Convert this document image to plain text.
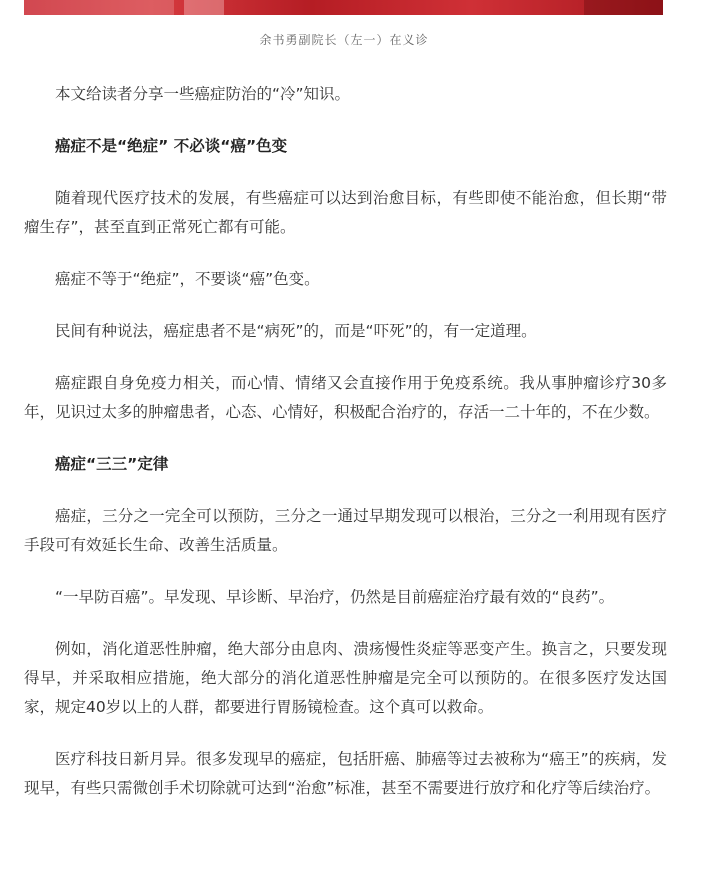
余书勇副院长（左一）在义诊

本文给读者分享一些癌症防治的“冷”知识。

癌症不是“绝症” 不必谈“癌”色变

随着现代医疗技术的发展，有些癌症可以达到治愈目标，有些即使不能治愈，但长期“带瘤生存”，甚至直到正常死亡都有可能。

癌症不等于“绝症”，不要谈“癌”色变。

民间有种说法，癌症患者不是“病死”的，而是“吓死”的，有一定道理。

癌症跟自身免疫力相关，而心情、情绪又会直接作用于免疫系统。我从事肿瘤诊疗30多年，见识过太多的肿瘤患者，心态、心情好，积极配合治疗的，存活一二十年的，不在少数。

癌症“三三”定律

癌症，三分之一完全可以预防，三分之一通过早期发现可以根治，三分之一利用现有医疗手段可有效延长生命、改善生活质量。

“一早防百癌”。早发现、早诊断、早治疗，仍然是目前癌症治疗最有效的“良药”。

例如，消化道恶性肿瘤，绝大部分由息肉、溃疡慢性炎症等恶变产生。换言之，只要发现得早，并采取相应措施，绝大部分的消化道恶性肿瘤是完全可以预防的。在很多医疗发达国家，规定40岁以上的人群，都要进行胃肠镜检查。这个真可以救命。

医疗科技日新月异。很多发现早的癌症，包括肝癌、肺癌等过去被称为“癌王”的疾病，发现早，有些只需微创手术切除就可达到“治愈”标准，甚至不需要进行放疗和化疗等后续治疗。
